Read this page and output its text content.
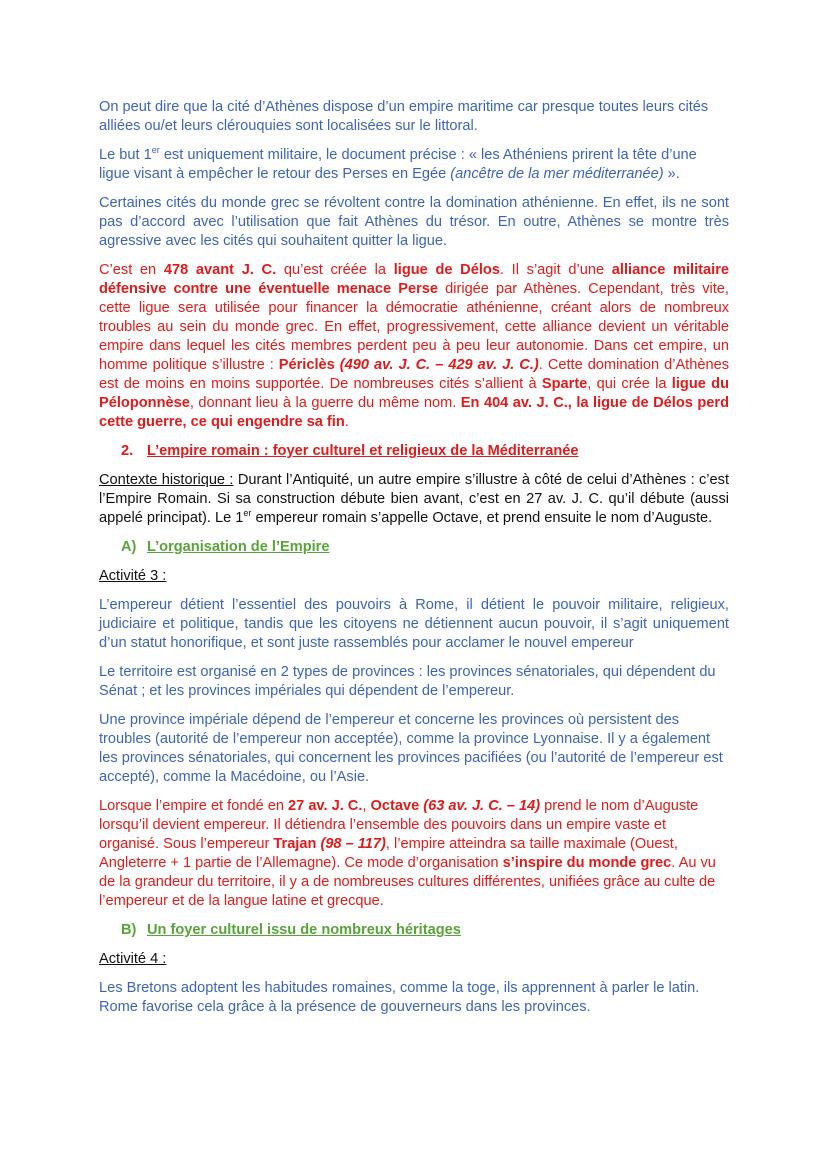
On peut dire que la cité d’Athènes dispose d’un empire maritime car presque toutes leurs cités alliées ou/et leurs clérouquies sont localisées sur le littoral.

Le but 1er est uniquement militaire, le document précise : « les Athéniens prirent la tête d’une ligue visant à empêcher le retour des Perses en Egée (ancêtre de la mer méditerranée) ».

Certaines cités du monde grec se révoltent contre la domination athénienne. En effet, ils ne sont pas d’accord avec l’utilisation que fait Athènes du trésor. En outre, Athènes se montre très agressive avec les cités qui souhaitent quitter la ligue.

C’est en 478 avant J. C. qu’est créée la ligue de Délos. Il s’agit d’une alliance militaire défensive contre une éventuelle menace Perse dirigée par Athènes. Cependant, très vite, cette ligue sera utilisée pour financer la démocratie athénienne, créant alors de nombreux troubles au sein du monde grec. En effet, progressivement, cette alliance devient un véritable empire dans lequel les cités membres perdent peu à peu leur autonomie. Dans cet empire, un homme politique s’illustre : Périclès (490 av. J. C. – 429 av. J. C.). Cette domination d’Athènes est de moins en moins supportée. De nombreuses cités s’allient à Sparte, qui crée la ligue du Péloponnèse, donnant lieu à la guerre du même nom. En 404 av. J. C., la ligue de Délos perd cette guerre, ce qui engendre sa fin.

2. L’empire romain : foyer culturel et religieux de la Méditerranée

Contexte historique : Durant l’Antiquité, un autre empire s’illustre à côté de celui d’Athènes : c’est l’Empire Romain. Si sa construction débute bien avant, c’est en 27 av. J. C. qu’il débute (aussi appelé principat). Le 1er empereur romain s’appelle Octave, et prend ensuite le nom d’Auguste.

A) L’organisation de l’Empire

Activité 3 :

L’empereur détient l’essentiel des pouvoirs à Rome, il détient le pouvoir militaire, religieux, judiciaire et politique, tandis que les citoyens ne détiennent aucun pouvoir, il s’agit uniquement d’un statut honorifique, et sont juste rassemblés pour acclamer le nouvel empereur

Le territoire est organisé en 2 types de provinces : les provinces sénatoriales, qui dépendent du Sénat ; et les provinces impériales qui dépendent de l’empereur.

Une province impériale dépend de l’empereur et concerne les provinces où persistent des troubles (autorité de l’empereur non acceptée), comme la province Lyonnaise. Il y a également les provinces sénatoriales, qui concernent les provinces pacifiées (ou l’autorité de l’empereur est accepté), comme la Macédoine, ou l’Asie.

Lorsque l’empire et fondé en 27 av. J. C., Octave (63 av. J. C. – 14) prend le nom d’Auguste lorsqu’il devient empereur. Il détiendra l’ensemble des pouvoirs dans un empire vaste et organisé. Sous l’empereur Trajan (98 – 117), l’empire atteindra sa taille maximale (Ouest, Angleterre + 1 partie de l’Allemagne). Ce mode d’organisation s’inspire du monde grec. Au vu de la grandeur du territoire, il y a de nombreuses cultures différentes, unifiées grâce au culte de l’empereur et de la langue latine et grecque.

B) Un foyer culturel issu de nombreux héritages

Activité 4 :

Les Bretons adoptent les habitudes romaines, comme la toge, ils apprennent à parler le latin. Rome favorise cela grâce à la présence de gouverneurs dans les provinces.
